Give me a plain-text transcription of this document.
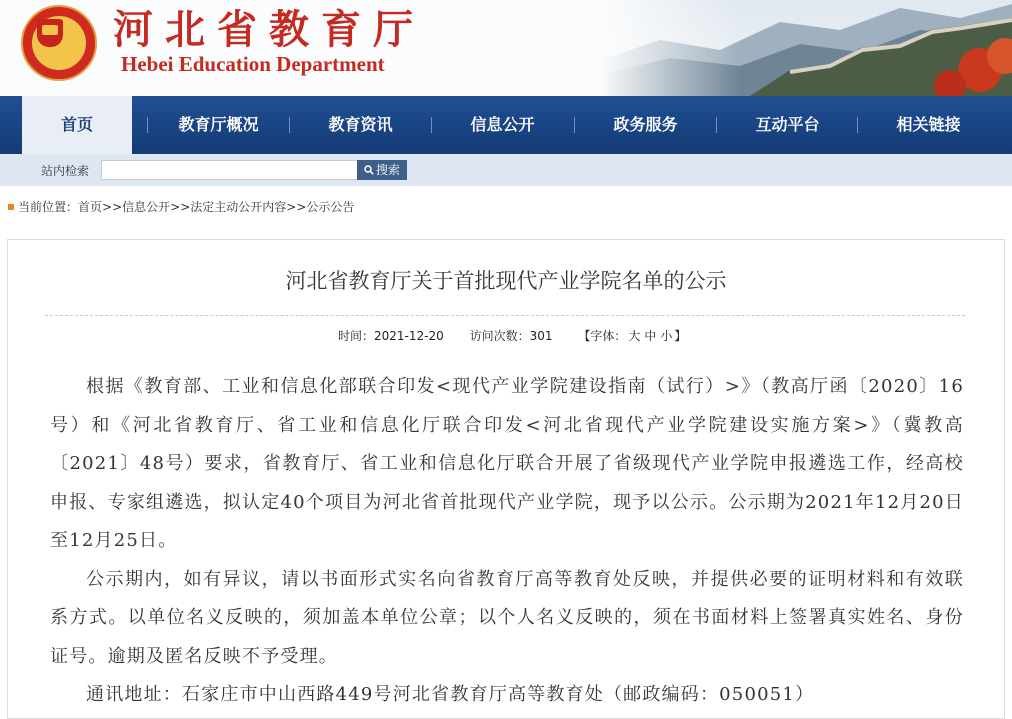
河北省教育厅
Hebei Education Department
首页	教育厅概况	教育资讯	信息公开	政务服务	互动平台	相关链接
站内检索	搜索
当前位置：首页>>信息公开>>法定主动公开内容>>公示公告
河北省教育厅关于首批现代产业学院名单的公示
时间：2021-12-20 访问次数：301 【字体： 大 中 小 】

根据《教育部、工业和信息化部联合印发<现代产业学院建设指南（试行）>》（教高厅函〔2020〕16号）和《河北省教育厅、省工业和信息化厅联合印发<河北省现代产业学院建设实施方案>》（冀教高〔2021〕48号）要求，省教育厅、省工业和信息化厅联合开展了省级现代产业学院申报遴选工作，经高校申报、专家组遴选，拟认定40个项目为河北省首批现代产业学院，现予以公示。公示期为2021年12月20日至12月25日。

公示期内，如有异议，请以书面形式实名向省教育厅高等教育处反映，并提供必要的证明材料和有效联系方式。以单位名义反映的，须加盖本单位公章；以个人名义反映的，须在书面材料上签署真实姓名、身份证号。逾期及匿名反映不予受理。

通讯地址：石家庄市中山西路449号河北省教育厅高等教育处（邮政编码：050051）
